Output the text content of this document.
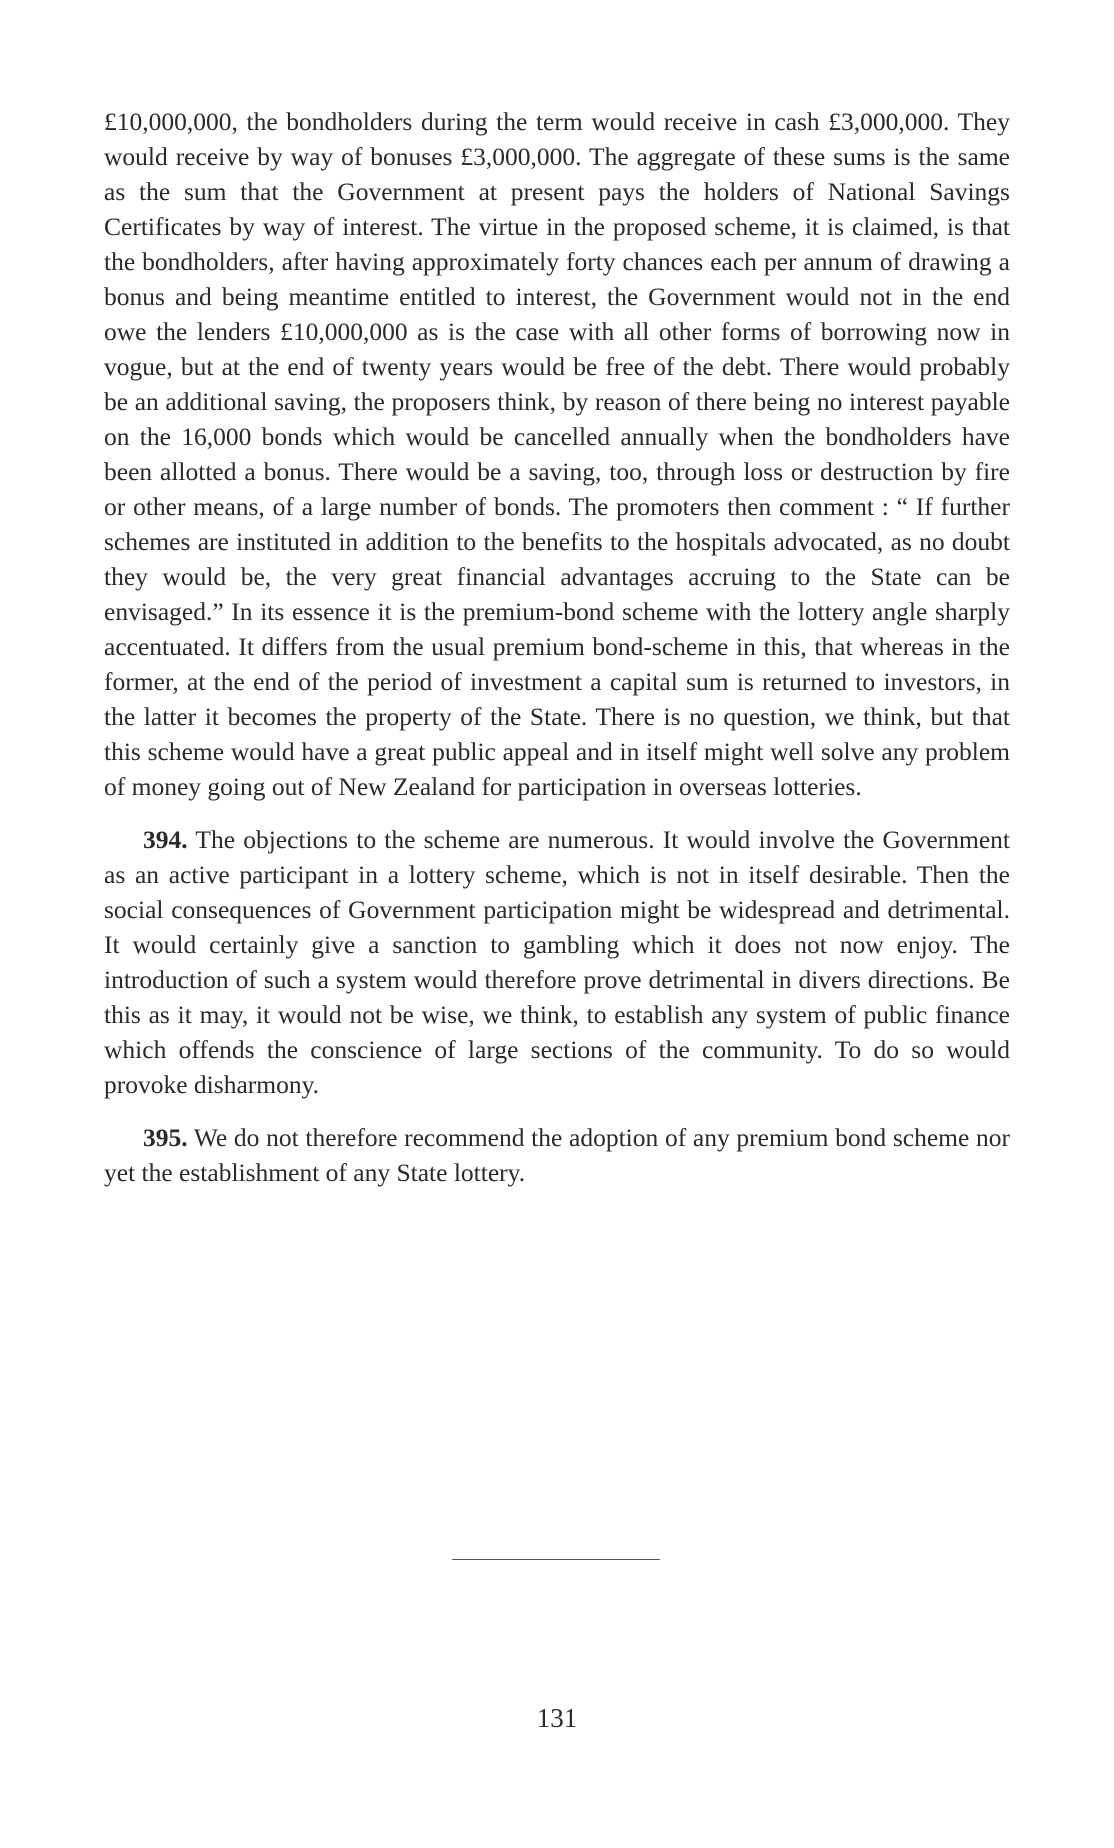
£10,000,000, the bondholders during the term would receive in cash £3,000,000. They would receive by way of bonuses £3,000,000. The aggregate of these sums is the same as the sum that the Government at present pays the holders of National Savings Certificates by way of interest. The virtue in the proposed scheme, it is claimed, is that the bondholders, after having approximately forty chances each per annum of drawing a bonus and being meantime entitled to interest, the Government would not in the end owe the lenders £10,000,000 as is the case with all other forms of borrowing now in vogue, but at the end of twenty years would be free of the debt. There would probably be an additional saving, the proposers think, by reason of there being no interest payable on the 16,000 bonds which would be cancelled annually when the bondholders have been allotted a bonus. There would be a saving, too, through loss or destruction by fire or other means, of a large number of bonds. The promoters then comment : “ If further schemes are instituted in addition to the benefits to the hospitals advocated, as no doubt they would be, the very great financial advantages accruing to the State can be envisaged.” In its essence it is the premium-bond scheme with the lottery angle sharply accentuated. It differs from the usual premium bond-scheme in this, that whereas in the former, at the end of the period of investment a capital sum is returned to investors, in the latter it becomes the property of the State. There is no question, we think, but that this scheme would have a great public appeal and in itself might well solve any problem of money going out of New Zealand for participation in overseas lotteries.

394. The objections to the scheme are numerous. It would involve the Government as an active participant in a lottery scheme, which is not in itself desirable. Then the social consequences of Government participation might be widespread and detrimental. It would certainly give a sanction to gambling which it does not now enjoy. The introduction of such a system would therefore prove detrimental in divers directions. Be this as it may, it would not be wise, we think, to establish any system of public finance which offends the conscience of large sections of the community. To do so would provoke disharmony.

395. We do not therefore recommend the adoption of any premium bond scheme nor yet the establishment of any State lottery.

131
